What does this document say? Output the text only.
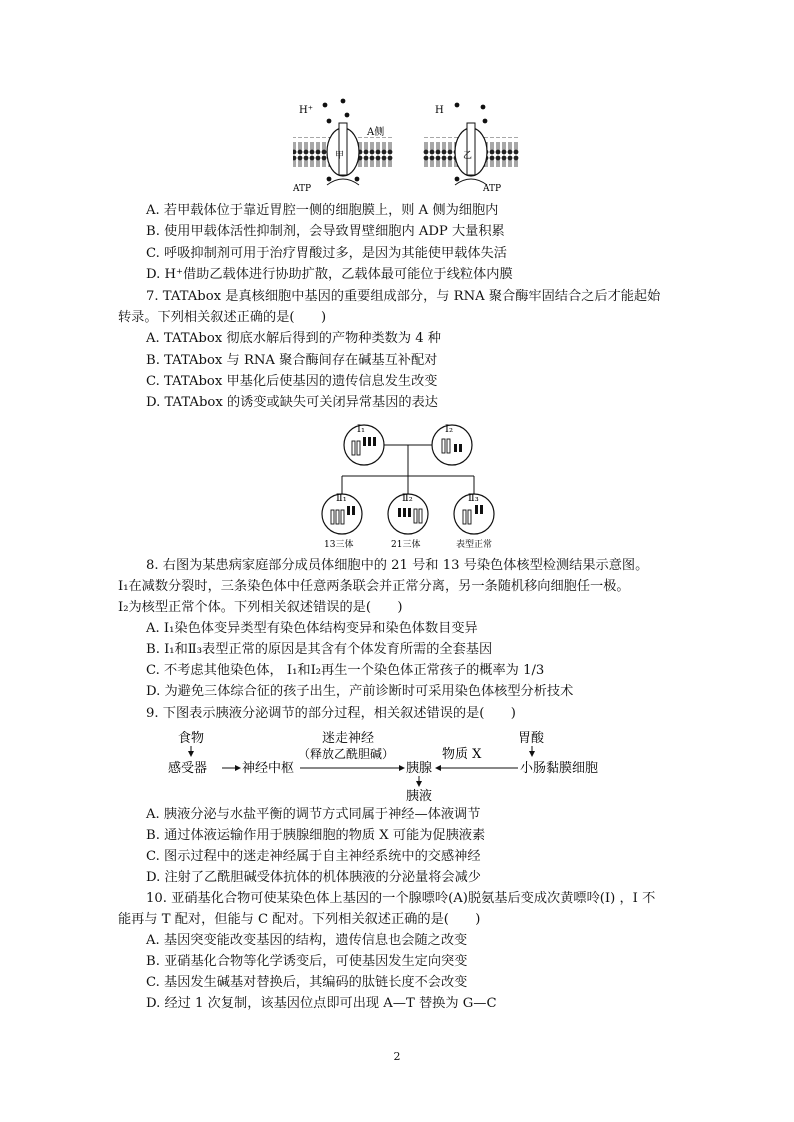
甲
H⁺
A侧
ATP
乙
H
ATP
A. 若甲载体位于靠近胃腔一侧的细胞膜上，则 A 侧为细胞内
B. 使用甲载体活性抑制剂，会导致胃壁细胞内 ADP 大量积累
C. 呼吸抑制剂可用于治疗胃酸过多，是因为其能使甲载体失活
D. H⁺借助乙载体进行协助扩散，乙载体最可能位于线粒体内膜
7. TATAbox 是真核细胞中基因的重要组成部分，与 RNA 聚合酶牢固结合之后才能起始
转录。下列相关叙述正确的是(　　)
A. TATAbox 彻底水解后得到的产物种类数为 4 种
B. TATAbox 与 RNA 聚合酶间存在碱基互补配对
C. TATAbox 甲基化后使基因的遗传信息发生改变
D. TATAbox 的诱变或缺失可关闭异常基因的表达
Ⅰ₁	Ⅰ₂
Ⅱ₁
13三体
Ⅱ₂
21三体
Ⅱ₃
表型正常
8. 右图为某患病家庭部分成员体细胞中的 21 号和 13 号染色体核型检测结果示意图。
Ⅰ₁在减数分裂时，三条染色体中任意两条联会并正常分离，另一条随机移向细胞任一极。
Ⅰ₂为核型正常个体。下列相关叙述错误的是(　　)
A. Ⅰ₁染色体变异类型有染色体结构变异和染色体数目变异
B. Ⅰ₁和Ⅱ₃表型正常的原因是其含有个体发育所需的全套基因
C. 不考虑其他染色体， Ⅰ₁和Ⅰ₂再生一个染色体正常孩子的概率为 1/3
D. 为避免三体综合征的孩子出生，产前诊断时可采用染色体核型分析技术
9. 下图表示胰液分泌调节的部分过程，相关叙述错误的是(　　)
食物
感受器	神经中枢
迷走神经
（释放乙酰胆碱）
胰腺
胰液
物质 X
胃酸
小肠黏膜细胞
A. 胰液分泌与水盐平衡的调节方式同属于神经—体液调节
B. 通过体液运输作用于胰腺细胞的物质 X 可能为促胰液素
C. 图示过程中的迷走神经属于自主神经系统中的交感神经
D. 注射了乙酰胆碱受体抗体的机体胰液的分泌量将会减少
10. 亚硝基化合物可使某染色体上基因的一个腺嘌呤(A)脱氨基后变成次黄嘌呤(I) ，I 不
能再与 T 配对，但能与 C 配对。下列相关叙述正确的是(　　)
A. 基因突变能改变基因的结构，遗传信息也会随之改变
B. 亚硝基化合物等化学诱变后，可使基因发生定向突变
C. 基因发生碱基对替换后，其编码的肽链长度不会改变
D. 经过 1 次复制，该基因位点即可出现 A—T 替换为 G—C
2
